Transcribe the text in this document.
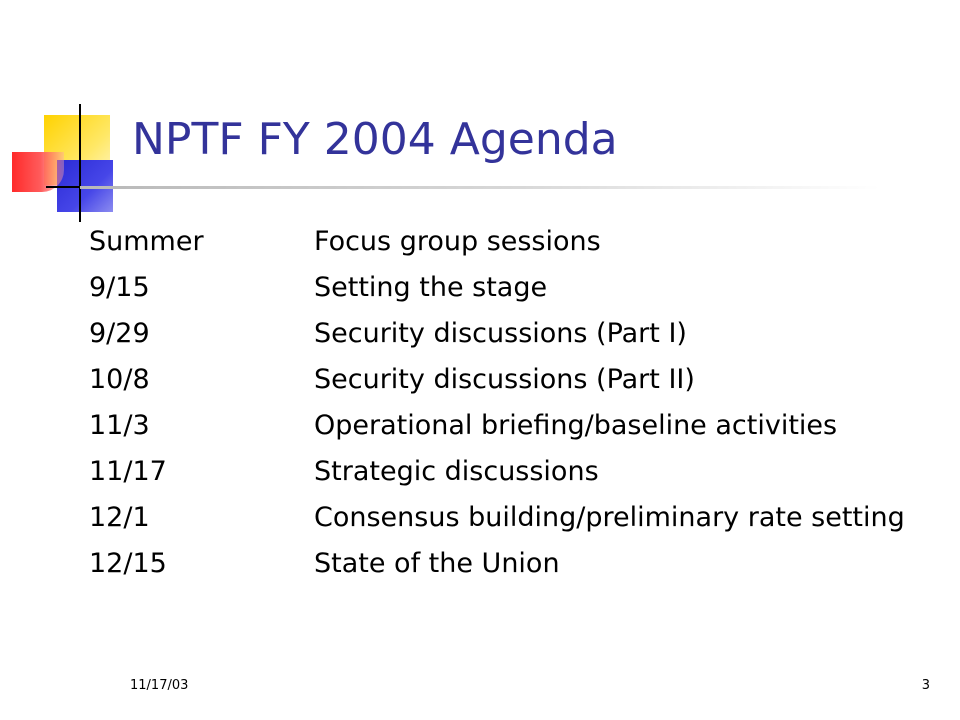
NPTF FY 2004 Agenda
Summer	Focus group sessions
9/15	Setting the stage
9/29	Security discussions (Part I)
10/8	Security discussions (Part II)
11/3	Operational briefing/baseline activities
11/17	Strategic discussions
12/1	Consensus building/preliminary rate setting
12/15	State of the Union
11/17/03	3
